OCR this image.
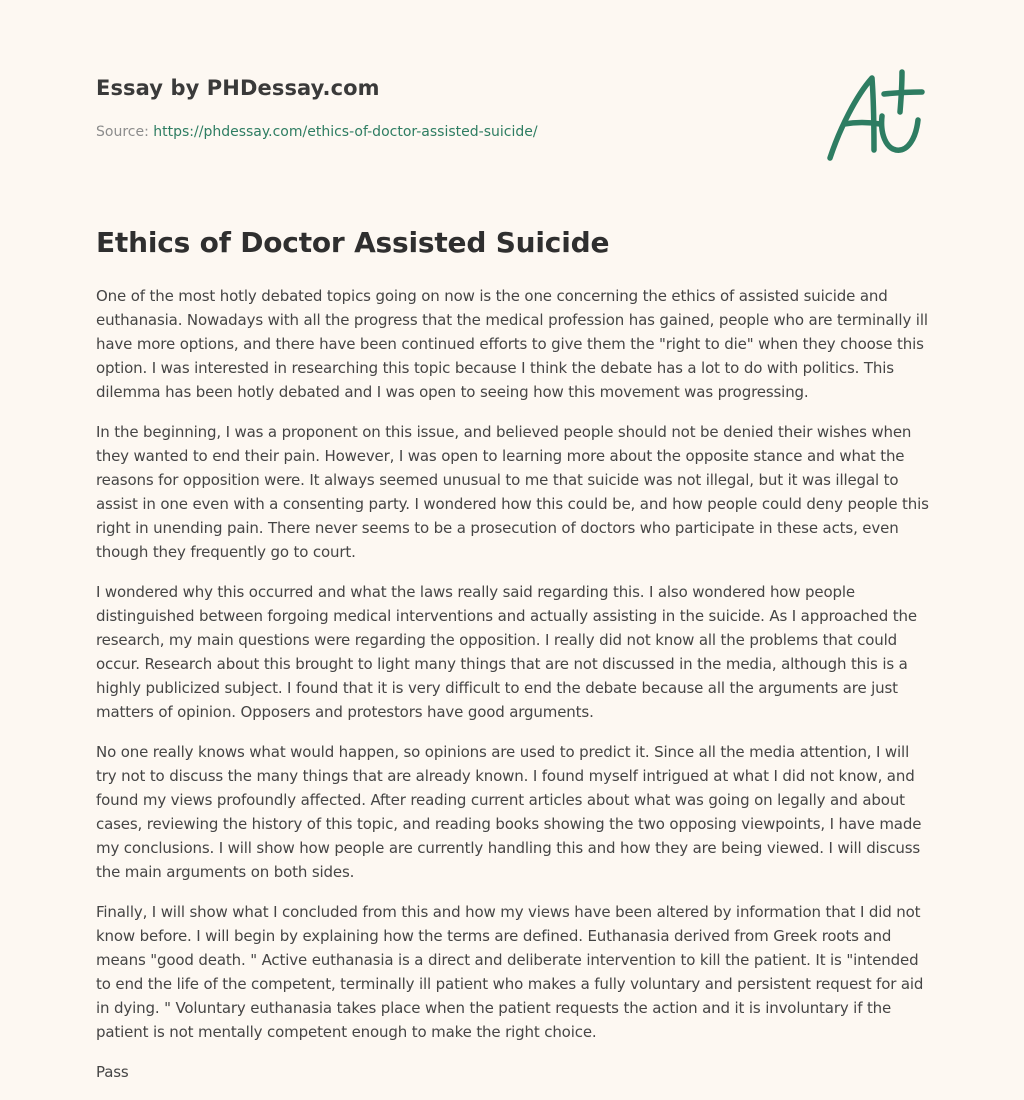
Essay by PHDessay.com
Source: https://phdessay.com/ethics-of-doctor-assisted-suicide/
Ethics of Doctor Assisted Suicide

One of the most hotly debated topics going on now is the one concerning the ethics of assisted suicide and euthanasia. Nowadays with all the progress that the medical profession has gained, people who are terminally ill have more options, and there have been continued efforts to give them the "right to die" when they choose this option. I was interested in researching this topic because I think the debate has a lot to do with politics. This dilemma has been hotly debated and I was open to seeing how this movement was progressing.

In the beginning, I was a proponent on this issue, and believed people should not be denied their wishes when they wanted to end their pain. However, I was open to learning more about the opposite stance and what the reasons for opposition were. It always seemed unusual to me that suicide was not illegal, but it was illegal to assist in one even with a consenting party. I wondered how this could be, and how people could deny people this right in unending pain. There never seems to be a prosecution of doctors who participate in these acts, even though they frequently go to court.

I wondered why this occurred and what the laws really said regarding this. I also wondered how people distinguished between forgoing medical interventions and actually assisting in the suicide. As I approached the research, my main questions were regarding the opposition. I really did not know all the problems that could occur. Research about this brought to light many things that are not discussed in the media, although this is a highly publicized subject. I found that it is very difficult to end the debate because all the arguments are just matters of opinion. Opposers and protestors have good arguments.

No one really knows what would happen, so opinions are used to predict it. Since all the media attention, I will try not to discuss the many things that are already known. I found myself intrigued at what I did not know, and found my views profoundly affected. After reading current articles about what was going on legally and about cases, reviewing the history of this topic, and reading books showing the two opposing viewpoints, I have made my conclusions. I will show how people are currently handling this and how they are being viewed. I will discuss the main arguments on both sides.

Finally, I will show what I concluded from this and how my views have been altered by information that I did not know before. I will begin by explaining how the terms are defined. Euthanasia derived from Greek roots and means "good death. " Active euthanasia is a direct and deliberate intervention to kill the patient. It is "intended to end the life of the competent, terminally ill patient who makes a fully voluntary and persistent request for aid in dying. " Voluntary euthanasia takes place when the patient requests the action and it is involuntary if the patient is not mentally competent enough to make the right choice.

Pass
